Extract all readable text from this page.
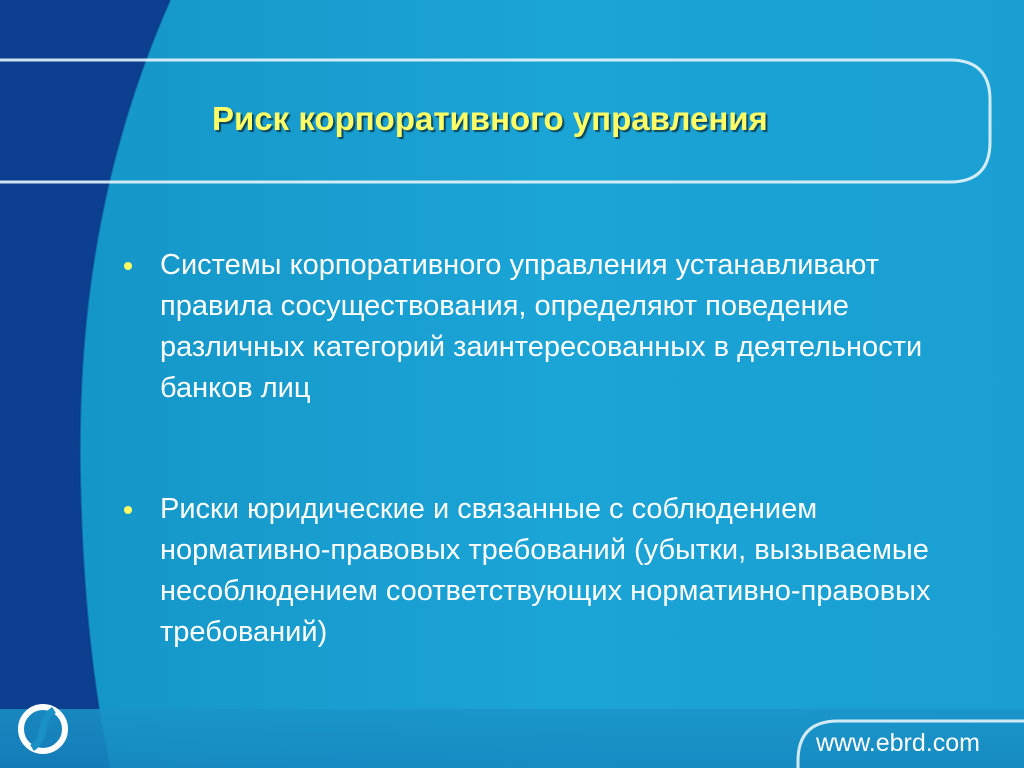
Риск корпоративного управления
Системы корпоративного управления устанавливают правила сосуществования, определяют поведение различных категорий заинтересованных в деятельности банков лиц
Риски юридические и связанные с соблюдением нормативно-правовых требований (убытки, вызываемые несоблюдением соответствующих нормативно-правовых требований)
www.ebrd.com
